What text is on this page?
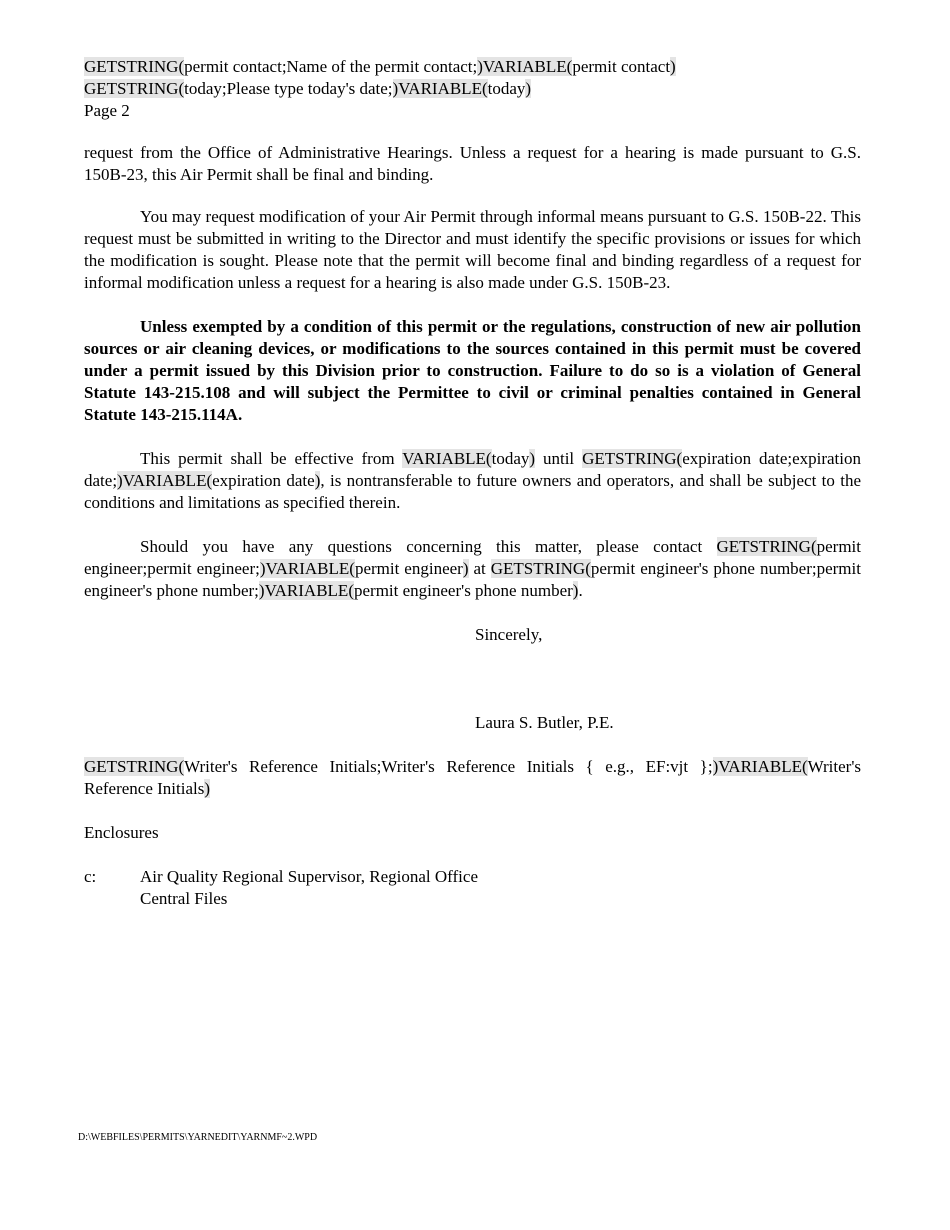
GETSTRING(permit contact;Name of the permit contact;)VARIABLE(permit contact)
GETSTRING(today;Please type today's date;)VARIABLE(today)
Page 2

request from the Office of Administrative Hearings. Unless a request for a hearing is made pursuant to G.S. 150B-23, this Air Permit shall be final and binding.

You may request modification of your Air Permit through informal means pursuant to G.S. 150B-22. This request must be submitted in writing to the Director and must identify the specific provisions or issues for which the modification is sought. Please note that the permit will become final and binding regardless of a request for informal modification unless a request for a hearing is also made under G.S. 150B-23.

Unless exempted by a condition of this permit or the regulations, construction of new air pollution sources or air cleaning devices, or modifications to the sources contained in this permit must be covered under a permit issued by this Division prior to construction. Failure to do so is a violation of General Statute 143-215.108 and will subject the Permittee to civil or criminal penalties contained in General Statute 143-215.114A.

This permit shall be effective from VARIABLE(today) until GETSTRING(expiration date;expiration date;)VARIABLE(expiration date), is nontransferable to future owners and operators, and shall be subject to the conditions and limitations as specified therein.

Should you have any questions concerning this matter, please contact GETSTRING(permit engineer;permit engineer;)VARIABLE(permit engineer) at GETSTRING(permit engineer's phone number;permit engineer's phone number;)VARIABLE(permit engineer's phone number).

Sincerely,
Laura S. Butler, P.E.

GETSTRING(Writer's Reference Initials;Writer's Reference Initials { e.g., EF:vjt };)VARIABLE(Writer's Reference Initials)

Enclosures
c:	Air Quality Regional Supervisor, Regional Office
Central Files
D:\WEBFILES\PERMITS\YARNEDIT\YARNMF~2.WPD
